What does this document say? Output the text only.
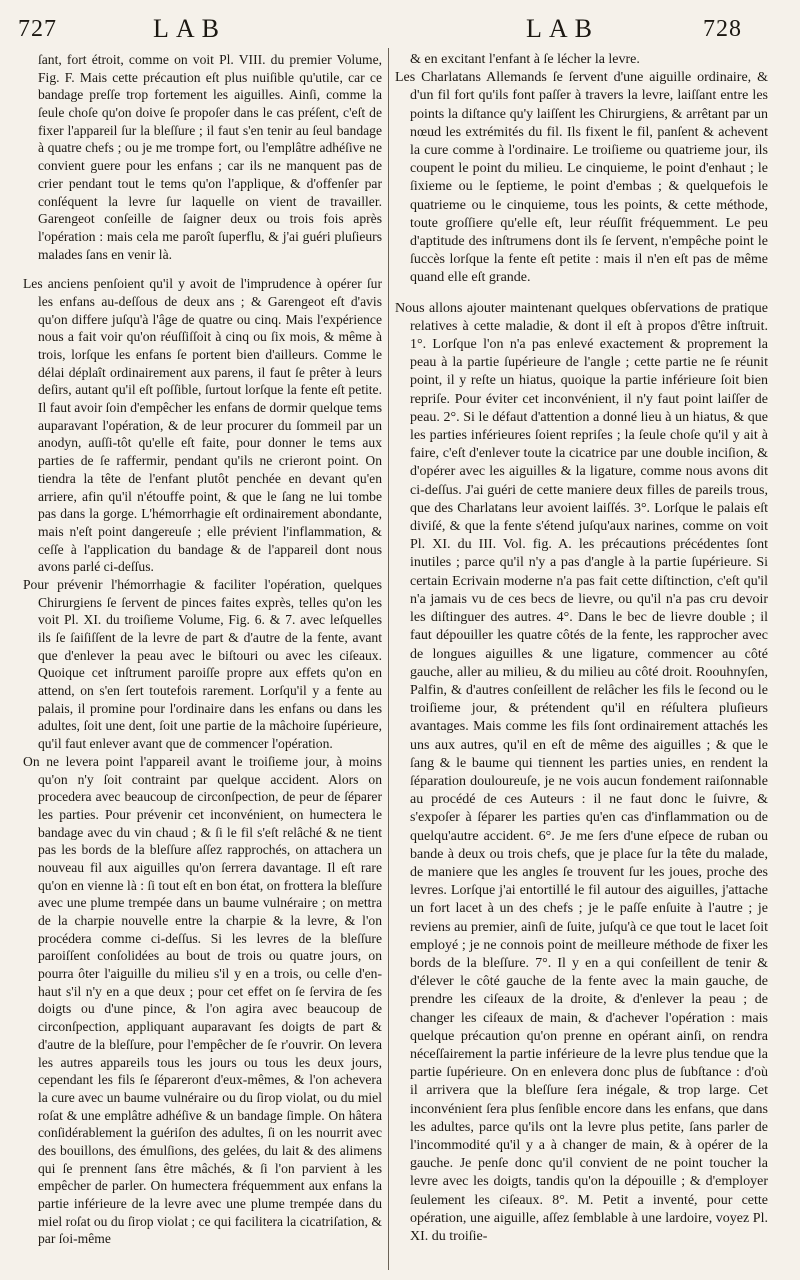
727	LAB	LAB	728

ſant, fort étroit, comme on voit Pl. VIII. du premier Volume, Fig. F. Mais cette précaution eſt plus nuiſible qu'utile, car ce bandage preſſe trop fortement les aiguilles. Ainſi, comme la ſeule choſe qu'on doive ſe propoſer dans le cas préſent, c'eſt de fixer l'appareil ſur la bleſſure ; il faut s'en tenir au ſeul bandage à quatre chefs ; ou je me trompe fort, ou l'emplâtre adhéſive ne convient guere pour les enfans ; car ils ne manquent pas de crier pendant tout le tems qu'on l'applique, & d'offenſer par conſéquent la levre ſur laquelle on vient de travailler. Garengeot conſeille de ſaigner deux ou trois fois après l'opération : mais cela me paroît ſuperflu, & j'ai guéri pluſieurs malades ſans en venir là.

Les anciens penſoient qu'il y avoit de l'imprudence à opérer ſur les enfans au-deſſous de deux ans ; & Garengeot eſt d'avis qu'on differe juſqu'à l'âge de quatre ou cinq. Mais l'expérience nous a fait voir qu'on réuſſiſſoit à cinq ou ſix mois, & même à trois, lorſque les enfans ſe portent bien d'ailleurs. Comme le délai déplaît ordinairement aux parens, il faut ſe prêter à leurs deſirs, autant qu'il eſt poſſible, ſurtout lorſque la fente eſt petite. Il faut avoir ſoin d'empêcher les enfans de dormir quelque tems auparavant l'opération, & de leur procurer du ſommeil par un anodyn, auſſi-tôt qu'elle eſt faite, pour donner le tems aux parties de ſe raffermir, pendant qu'ils ne crieront point. On tiendra la tête de l'enfant plutôt penchée en devant qu'en arriere, afin qu'il n'étouffe point, & que le ſang ne lui tombe pas dans la gorge. L'hémorrhagie eſt ordinairement abondante, mais n'eſt point dangereuſe ; elle prévient l'inflammation, & ceſſe à l'application du bandage & de l'appareil dont nous avons parlé ci-deſſus.

Pour prévenir l'hémorrhagie & faciliter l'opération, quelques Chirurgiens ſe ſervent de pinces faites exprès, telles qu'on les voit Pl. XI. du troiſieme Volume, Fig. 6. & 7. avec leſquelles ils ſe ſaiſiſſent de la levre de part & d'autre de la fente, avant que d'enlever la peau avec le biſtouri ou avec les ciſeaux. Quoique cet inſtrument paroiſſe propre aux effets qu'on en attend, on s'en ſert toutefois rarement. Lorſqu'il y a fente au palais, il promine pour l'ordinaire dans les enfans ou dans les adultes, ſoit une dent, ſoit une partie de la mâchoire ſupérieure, qu'il faut enlever avant que de commencer l'opération.

On ne levera point l'appareil avant le troiſieme jour, à moins qu'on n'y ſoit contraint par quelque accident. Alors on procedera avec beaucoup de circonſpection, de peur de ſéparer les parties. Pour prévenir cet inconvénient, on humectera le bandage avec du vin chaud ; & ſi le fil s'eſt relâché & ne tient pas les bords de la bleſſure aſſez rapprochés, on attachera un nouveau fil aux aiguilles qu'on ſerrera davantage. Il eſt rare qu'on en vienne là : ſi tout eſt en bon état, on frottera la bleſſure avec une plume trempée dans un baume vulnéraire ; on mettra de la charpie nouvelle entre la charpie & la levre, & l'on procédera comme ci-deſſus. Si les levres de la bleſſure paroiſſent conſolidées au bout de trois ou quatre jours, on pourra ôter l'aiguille du milieu s'il y en a trois, ou celle d'en-haut s'il n'y en a que deux ; pour cet effet on ſe ſervira de ſes doigts ou d'une pince, & l'on agira avec beaucoup de circonſpection, appliquant auparavant ſes doigts de part & d'autre de la bleſſure, pour l'empêcher de ſe r'ouvrir. On levera les autres appareils tous les jours ou tous les deux jours, cependant les fils ſe ſépareront d'eux-mêmes, & l'on achevera la cure avec un baume vulnéraire ou du ſirop violat, ou du miel roſat & une emplâtre adhéſive & un bandage ſimple. On hâtera conſidérablement la guériſon des adultes, ſi on les nourrit avec des bouillons, des émulſions, des gelées, du lait & des alimens qui ſe prennent ſans être mâchés, & ſi l'on parvient à les empêcher de parler. On humectera fréquemment aux enfans la partie inférieure de la levre avec une plume trempée dans du miel roſat ou du ſirop violat ; ce qui facilitera la cicatriſation, & par ſoi-même

& en excitant l'enfant à ſe lécher la levre.

Les Charlatans Allemands ſe ſervent d'une aiguille ordinaire, & d'un fil fort qu'ils font paſſer à travers la levre, laiſſant entre les points la diſtance qu'y laiſſent les Chirurgiens, & arrêtant par un nœud les extrémités du fil. Ils fixent le fil, panſent & achevent la cure comme à l'ordinaire. Le troiſieme ou quatrieme jour, ils coupent le point du milieu. Le cinquieme, le point d'enhaut ; le ſixieme ou le ſeptieme, le point d'embas ; & quelquefois le quatrieme ou le cinquieme, tous les points, & cette méthode, toute groſſiere qu'elle eſt, leur réuſſit fréquemment. Le peu d'aptitude des inſtrumens dont ils ſe ſervent, n'empêche point le ſuccès lorſque la fente eſt petite : mais il n'en eſt pas de même quand elle eſt grande.

Nous allons ajouter maintenant quelques obſervations de pratique relatives à cette maladie, & dont il eſt à propos d'être inſtruit. 1°. Lorſque l'on n'a pas enlevé exactement & proprement la peau à la partie ſupérieure de l'angle ; cette partie ne ſe réunit point, il y reſte un hiatus, quoique la partie inférieure ſoit bien repriſe. Pour éviter cet inconvénient, il n'y faut point laiſſer de peau. 2°. Si le défaut d'attention a donné lieu à un hiatus, & que les parties inférieures ſoient repriſes ; la ſeule choſe qu'il y ait à faire, c'eſt d'enlever toute la cicatrice par une double inciſion, & d'opérer avec les aiguilles & la ligature, comme nous avons dit ci-deſſus. J'ai guéri de cette maniere deux filles de pareils trous, que des Charlatans leur avoient laiſſés. 3°. Lorſque le palais eſt diviſé, & que la fente s'étend juſqu'aux narines, comme on voit Pl. XI. du III. Vol. fig. A. les précautions précédentes ſont inutiles ; parce qu'il n'y a pas d'angle à la partie ſupérieure. Si certain Ecrivain moderne n'a pas fait cette diſtinction, c'eſt qu'il n'a jamais vu de ces becs de lievre, ou qu'il n'a pas cru devoir les diſtinguer des autres. 4°. Dans le bec de lievre double ; il faut dépouiller les quatre côtés de la fente, les rapprocher avec de longues aiguilles & une ligature, commencer au côté gauche, aller au milieu, & du milieu au côté droit. Roouhnyſen, Palfin, & d'autres conſeillent de relâcher les fils le ſecond ou le troiſieme jour, & prétendent qu'il en réſultera pluſieurs avantages. Mais comme les fils ſont ordinairement attachés les uns aux autres, qu'il en eſt de même des aiguilles ; & que le ſang & le baume qui tiennent les parties unies, en rendent la ſéparation douloureuſe, je ne vois aucun fondement raiſonnable au procédé de ces Auteurs : il ne faut donc le ſuivre, & s'expoſer à ſéparer les parties qu'en cas d'inflammation ou de quelqu'autre accident. 6°. Je me ſers d'une eſpece de ruban ou bande à deux ou trois chefs, que je place ſur la tête du malade, de maniere que les angles ſe trouvent ſur les joues, proche des levres. Lorſque j'ai entortillé le fil autour des aiguilles, j'attache un fort lacet à un des chefs ; je le paſſe enſuite à l'autre ; je reviens au premier, ainſi de ſuite, juſqu'à ce que tout le lacet ſoit employé ; je ne connois point de meilleure méthode de fixer les bords de la bleſſure. 7°. Il y en a qui conſeillent de tenir & d'élever le côté gauche de la fente avec la main gauche, de prendre les ciſeaux de la droite, & d'enlever la peau ; de changer les ciſeaux de main, & d'achever l'opération : mais quelque précaution qu'on prenne en opérant ainſi, on rendra néceſſairement la partie inférieure de la levre plus tendue que la partie ſupérieure. On en enlevera donc plus de ſubſtance : d'où il arrivera que la bleſſure ſera inégale, & trop large. Cet inconvénient ſera plus ſenſible encore dans les enfans, que dans les adultes, parce qu'ils ont la levre plus petite, ſans parler de l'incommodité qu'il y a à changer de main, & à opérer de la gauche. Je penſe donc qu'il convient de ne point toucher la levre avec les doigts, tandis qu'on la dépouille ; & d'employer ſeulement les ciſeaux. 8°. M. Petit a inventé, pour cette opération, une aiguille, aſſez ſemblable à une lardoire, voyez Pl. XI. du troiſie-
